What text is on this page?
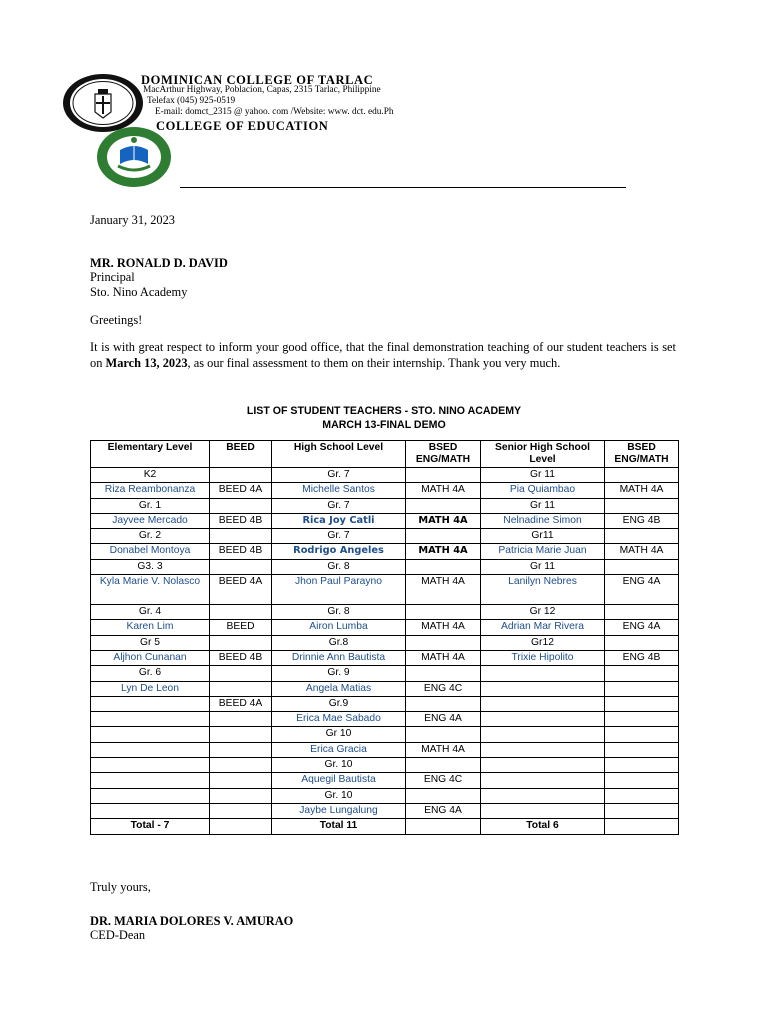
DOMINICAN COLLEGE OF TARLAC
MacArthur Highway, Poblacion, Capas, 2315 Tarlac, Philippine
Telefax (045) 925-0519
E-mail: domct_2315 @ yahoo. com /Website: www. dct. edu.Ph
COLLEGE OF EDUCATION
January 31, 2023
MR. RONALD D. DAVID
Principal
Sto. Nino Academy
Greetings!
It is with great respect to inform your good office, that the final demonstration teaching of our student teachers is set on March 13, 2023, as our final assessment to them on their internship. Thank you very much.
LIST OF STUDENT TEACHERS - STO. NINO ACADEMY
MARCH 13-FINAL DEMO
Elementary Level	BEED	High School Level	BSED ENG/MATH	Senior High School Level	BSED ENG/MATH
K2		Gr. 7		Gr 11	
Riza Reambonanza	BEED 4A	Michelle Santos	MATH 4A	Pia Quiambao	MATH 4A
Gr. 1		Gr. 7		Gr 11	
Jayvee Mercado	BEED 4B	Rica Joy Catli	MATH 4A	Nelnadine Simon	ENG 4B
Gr. 2		Gr. 7		Gr11	
Donabel Montoya	BEED 4B	Rodrigo Angeles	MATH 4A	Patricia Marie Juan	MATH 4A
G3. 3		Gr. 8		Gr 11	
Kyla Marie V. Nolasco	BEED 4A	Jhon Paul Parayno	MATH 4A	Lanilyn Nebres	ENG 4A
Gr. 4		Gr. 8		Gr 12	
Karen Lim	BEED	Airon Lumba	MATH 4A	Adrian Mar Rivera	ENG 4A
Gr 5		Gr.8		Gr12	
Aljhon Cunanan	BEED 4B	Drinnie Ann Bautista	MATH 4A	Trixie Hipolito	ENG 4B
Gr. 6		Gr. 9			
Lyn De Leon		Angela Matias	ENG 4C		
	BEED 4A	Gr.9			
		Erica Mae Sabado	ENG 4A		
		Gr 10			
		Erica Gracia	MATH 4A		
		Gr. 10			
		Aquegil Bautista	ENG 4C		
		Gr. 10			
		Jaybe Lungalung	ENG 4A		
Total - 7		Total 11		Total 6	
Truly yours,
DR. MARIA DOLORES V. AMURAO
CED-Dean
